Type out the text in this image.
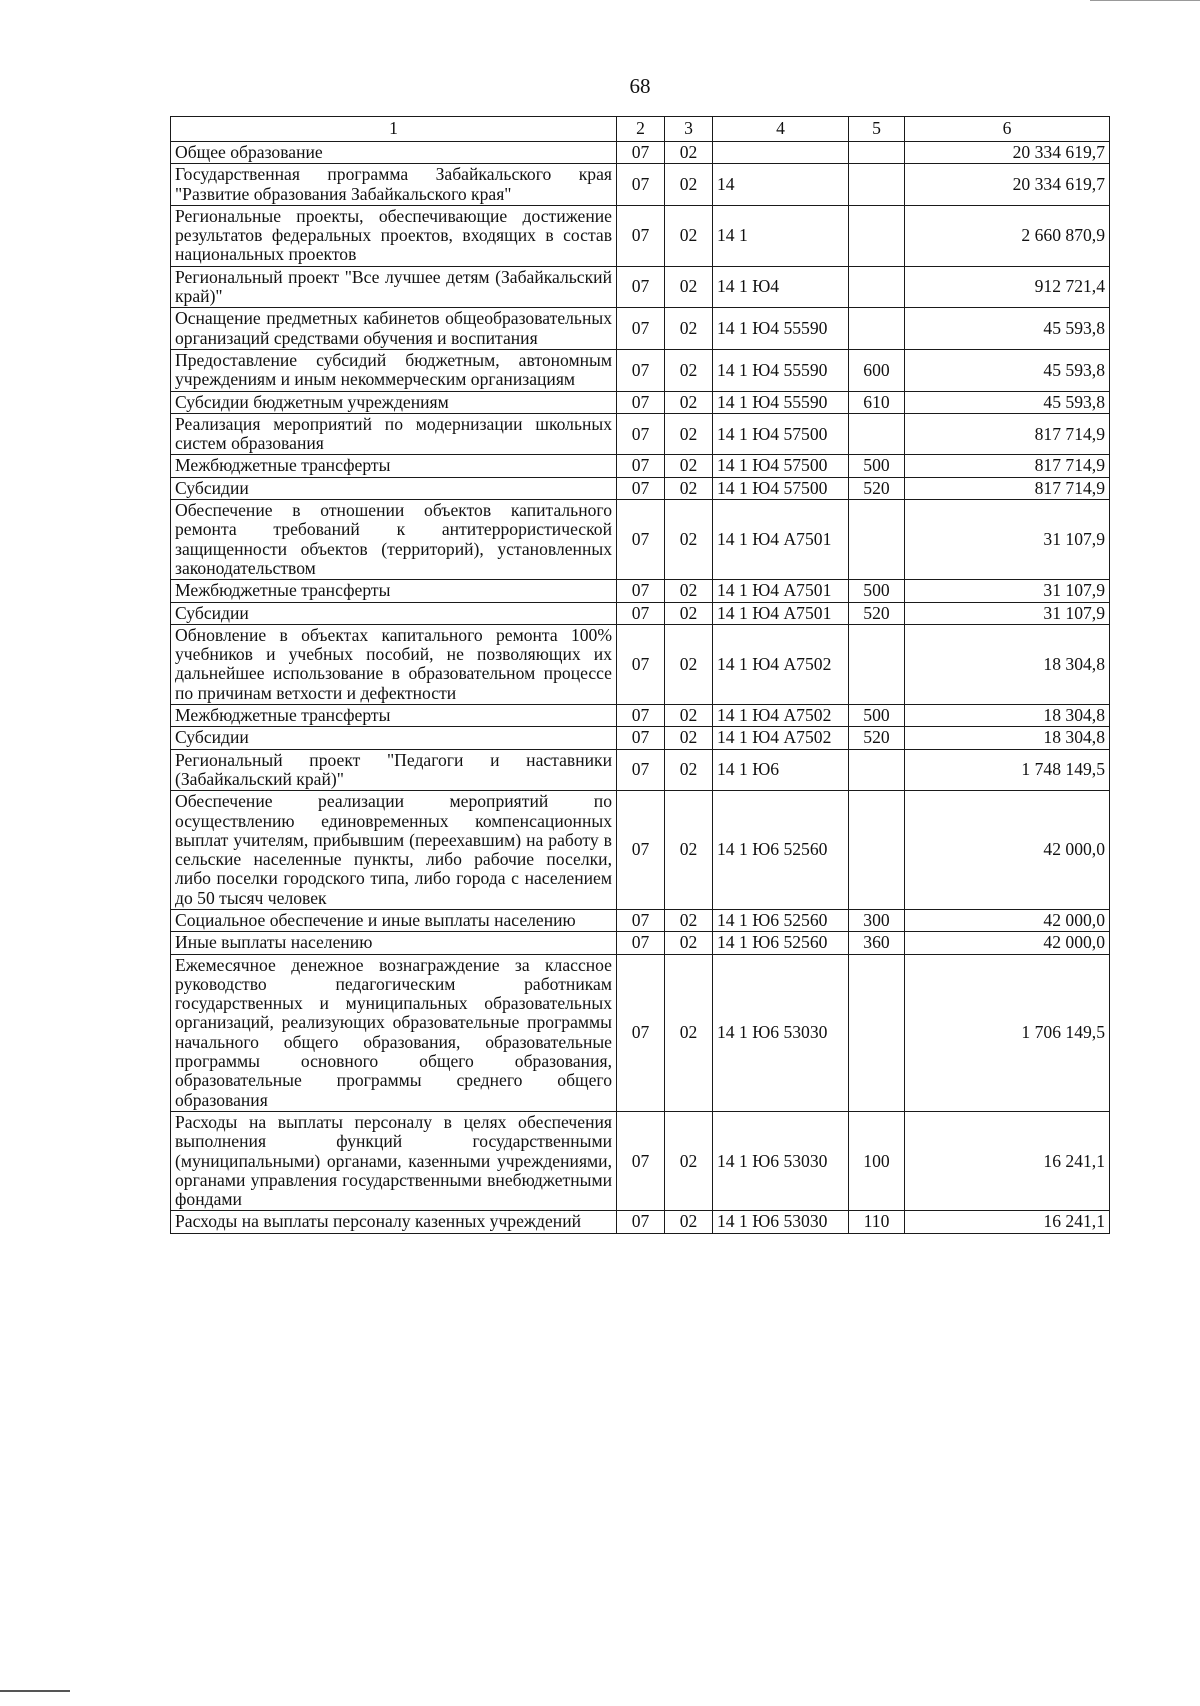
68
1	2	3	4	5	6
Общее образование	07	02			20 334 619,7
Государственная программа Забайкальского края "Развитие образования Забайкальского края"	07	02	14		20 334 619,7
Региональные проекты, обеспечивающие достижение результатов федеральных проектов, входящих в состав национальных проектов	07	02	14 1		2 660 870,9
Региональный проект "Все лучшее детям (Забайкальский край)"	07	02	14 1 Ю4		912 721,4
Оснащение предметных кабинетов общеобразовательных организаций средствами обучения и воспитания	07	02	14 1 Ю4 55590		45 593,8
Предоставление субсидий бюджетным, автономным учреждениям и иным некоммерческим организациям	07	02	14 1 Ю4 55590	600	45 593,8
Субсидии бюджетным учреждениям	07	02	14 1 Ю4 55590	610	45 593,8
Реализация мероприятий по модернизации школьных систем образования	07	02	14 1 Ю4 57500		817 714,9
Межбюджетные трансферты	07	02	14 1 Ю4 57500	500	817 714,9
Субсидии	07	02	14 1 Ю4 57500	520	817 714,9
Обеспечение в отношении объектов капитального ремонта требований к антитеррористической защищенности объектов (территорий), установленных законодательством	07	02	14 1 Ю4 А7501		31 107,9
Межбюджетные трансферты	07	02	14 1 Ю4 А7501	500	31 107,9
Субсидии	07	02	14 1 Ю4 А7501	520	31 107,9
Обновление в объектах капитального ремонта 100% учебников и учебных пособий, не позволяющих их дальнейшее использование в образовательном процессе по причинам ветхости и дефектности	07	02	14 1 Ю4 А7502		18 304,8
Межбюджетные трансферты	07	02	14 1 Ю4 А7502	500	18 304,8
Субсидии	07	02	14 1 Ю4 А7502	520	18 304,8
Региональный проект "Педагоги и наставники (Забайкальский край)"	07	02	14 1 Ю6		1 748 149,5
Обеспечение реализации мероприятий по осуществлению единовременных компенсационных выплат учителям, прибывшим (переехавшим) на работу в сельские населенные пункты, либо рабочие поселки, либо поселки городского типа, либо города с населением до 50 тысяч человек	07	02	14 1 Ю6 52560		42 000,0
Социальное обеспечение и иные выплаты населению	07	02	14 1 Ю6 52560	300	42 000,0
Иные выплаты населению	07	02	14 1 Ю6 52560	360	42 000,0
Ежемесячное денежное вознаграждение за классное руководство педагогическим работникам государственных и муниципальных образовательных организаций, реализующих образовательные программы начального общего образования, образовательные программы основного общего образования, образовательные программы среднего общего образования	07	02	14 1 Ю6 53030		1 706 149,5
Расходы на выплаты персоналу в целях обеспечения выполнения функций государственными (муниципальными) органами, казенными учреждениями, органами управления государственными внебюджетными фондами	07	02	14 1 Ю6 53030	100	16 241,1
Расходы на выплаты персоналу казенных учреждений	07	02	14 1 Ю6 53030	110	16 241,1
